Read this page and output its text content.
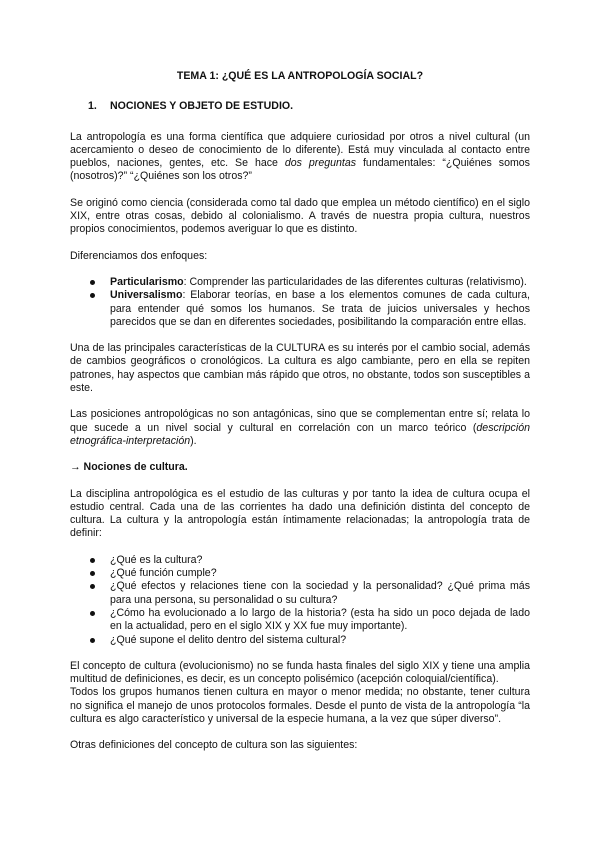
TEMA 1: ¿QUÉ ES LA ANTROPOLOGÍA SOCIAL?
1. NOCIONES Y OBJETO DE ESTUDIO.

La antropología es una forma científica que adquiere curiosidad por otros a nivel cultural (un acercamiento o deseo de conocimiento de lo diferente). Está muy vinculada al contacto entre pueblos, naciones, gentes, etc. Se hace dos preguntas fundamentales: “¿Quiénes somos (nosotros)?” “¿Quiénes son los otros?”

Se originó como ciencia (considerada como tal dado que emplea un método científico) en el siglo XIX, entre otras cosas, debido al colonialismo. A través de nuestra propia cultura, nuestros propios conocimientos, podemos averiguar lo que es distinto.

Diferenciamos dos enfoques:

Particularismo: Comprender las particularidades de las diferentes culturas (relativismo).
Universalismo: Elaborar teorías, en base a los elementos comunes de cada cultura, para entender qué somos los humanos. Se trata de juicios universales y hechos parecidos que se dan en diferentes sociedades, posibilitando la comparación entre ellas.

Una de las principales características de la CULTURA es su interés por el cambio social, además de cambios geográficos o cronológicos. La cultura es algo cambiante, pero en ella se repiten patrones, hay aspectos que cambian más rápido que otros, no obstante, todos son susceptibles a este.

Las posiciones antropológicas no son antagónicas, sino que se complementan entre sí; relata lo que sucede a un nivel social y cultural en correlación con un marco teórico (descripción etnográfica-interpretación).

→ Nociones de cultura.

La disciplina antropológica es el estudio de las culturas y por tanto la idea de cultura ocupa el estudio central. Cada una de las corrientes ha dado una definición distinta del concepto de cultura. La cultura y la antropología están íntimamente relacionadas; la antropología trata de definir:

¿Qué es la cultura?
¿Qué función cumple?
¿Qué efectos y relaciones tiene con la sociedad y la personalidad? ¿Qué prima más para una persona, su personalidad o su cultura?
¿Cómo ha evolucionado a lo largo de la historia? (esta ha sido un poco dejada de lado en la actualidad, pero en el siglo XIX y XX fue muy importante).
¿Qué supone el delito dentro del sistema cultural?

El concepto de cultura (evolucionismo) no se funda hasta finales del siglo XIX y tiene una amplia multitud de definiciones, es decir, es un concepto polisémico (acepción coloquial/científica).

Todos los grupos humanos tienen cultura en mayor o menor medida; no obstante, tener cultura no significa el manejo de unos protocolos formales. Desde el punto de vista de la antropología “la cultura es algo característico y universal de la especie humana, a la vez que súper diverso”.

Otras definiciones del concepto de cultura son las siguientes:
